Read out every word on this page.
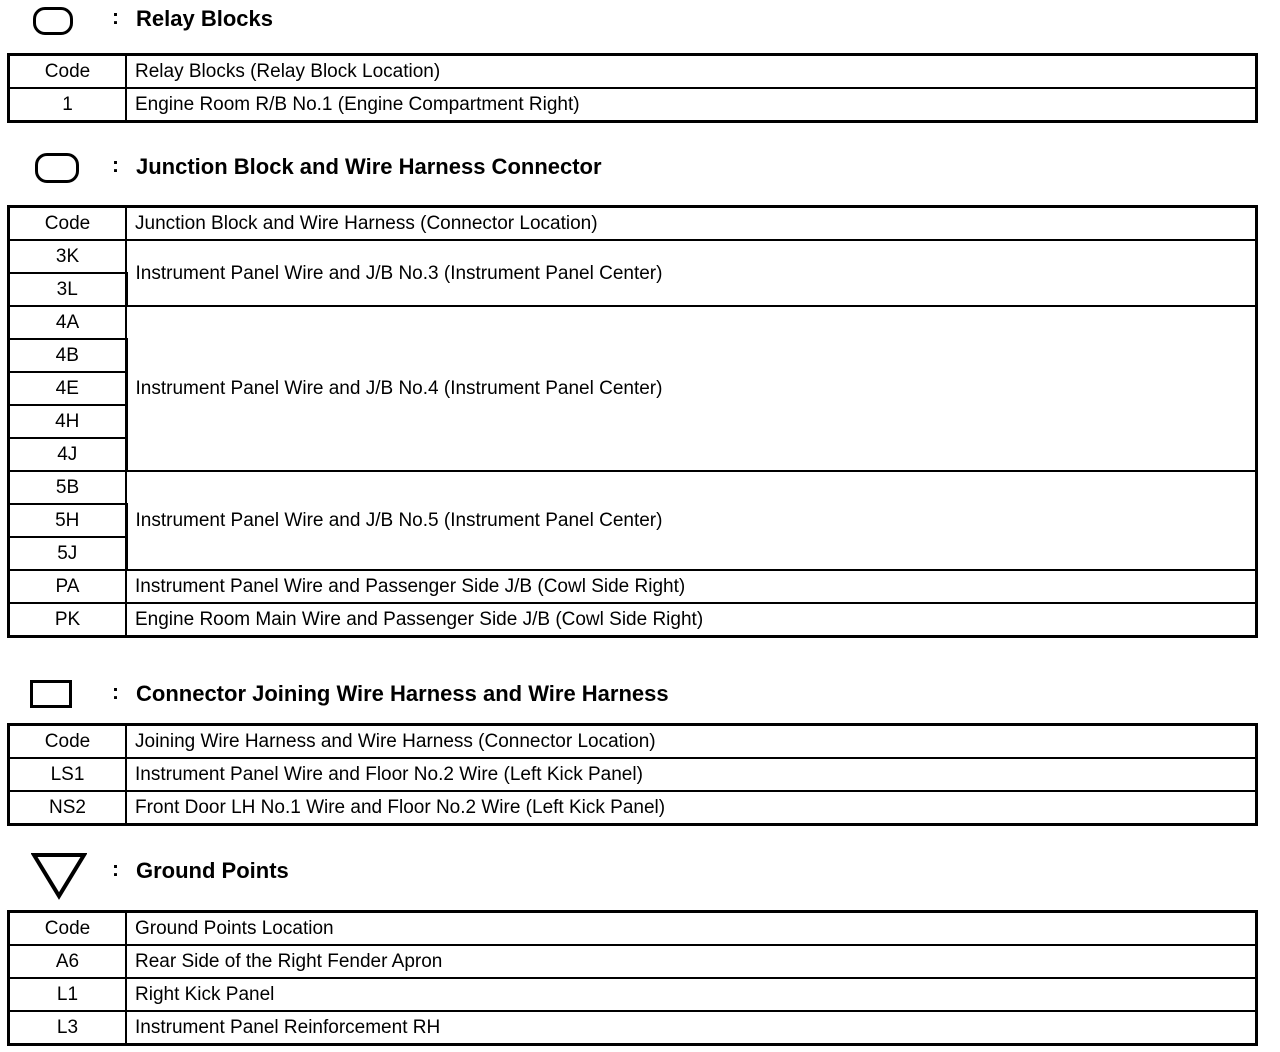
: Relay Blocks
Code	Relay Blocks (Relay Block Location)
1	Engine Room R/B No.1 (Engine Compartment Right)
: Junction Block and Wire Harness Connector
Code	Junction Block and Wire Harness (Connector Location)
3K	Instrument Panel Wire and J/B No.3 (Instrument Panel Center)
3L	
4A	Instrument Panel Wire and J/B No.4 (Instrument Panel Center)
4B	
4E	
4H	
4J	
5B	Instrument Panel Wire and J/B No.5 (Instrument Panel Center)
5H	
5J	
PA	Instrument Panel Wire and Passenger Side J/B (Cowl Side Right)
PK	Engine Room Main Wire and Passenger Side J/B (Cowl Side Right)
: Connector Joining Wire Harness and Wire Harness
Code	Joining Wire Harness and Wire Harness (Connector Location)
LS1	Instrument Panel Wire and Floor No.2 Wire (Left Kick Panel)
NS2	Front Door LH No.1 Wire and Floor No.2 Wire (Left Kick Panel)
: Ground Points
Code	Ground Points Location
A6	Rear Side of the Right Fender Apron
L1	Right Kick Panel
L3	Instrument Panel Reinforcement RH
